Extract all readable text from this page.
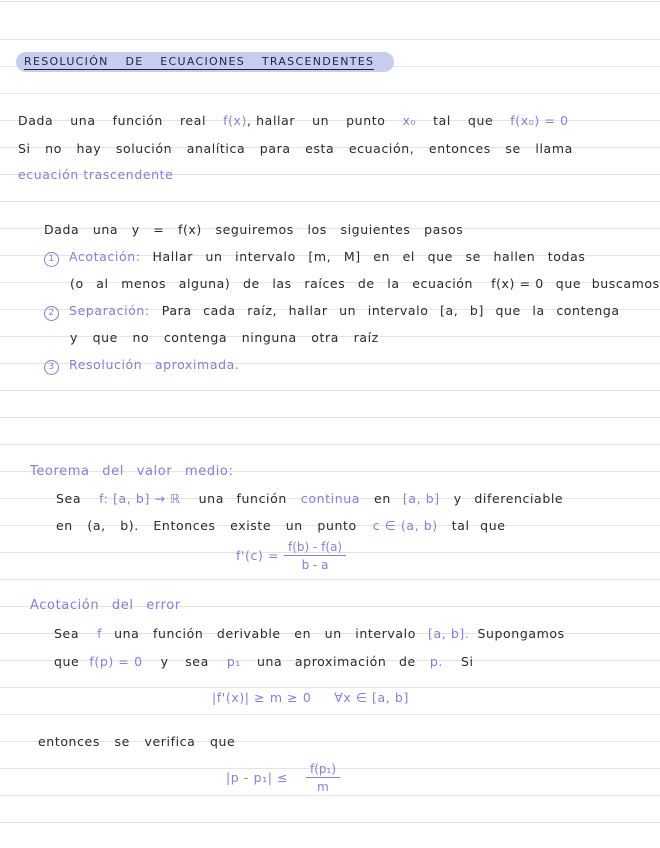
RESOLUCIÓN DE ECUACIONES TRASCENDENTES
Dada una función real f(x), hallar un punto x₀ tal que f(x₀) = 0
Si no hay solución analítica para esta ecuación, entonces se llama
ecuación trascendente
Dada una y = f(x) seguiremos los siguientes pasos
1 Acotación: Hallar un intervalo [m, M] en el que se hallen todas
(o al menos alguna) de las raíces de la ecuación f(x) = 0 que buscamos
2 Separación: Para cada raíz, hallar un intervalo [a, b] que la contenga
y que no contenga ninguna otra raíz
3 Resolución aproximada.
Teorema del valor medio:
Sea f: [a, b] → ℝ una función continua en [a, b] y diferenciable
en (a, b). Entonces existe un punto c ∈ (a, b) tal que
$f'(c) = \frac{f(b) - f(a)}{b - a}$
Acotación del error
Sea f una función derivable en un intervalo [a, b]. Supongamos
que f(p) = 0 y sea p₁ una aproximación de p. Si
|f'(x)| ≥ m ≥ 0     ∀x ∈ [a, b]
entonces se verifica que
$|p - p_1| \le \frac{\text{f(p₁)}}{m}$
